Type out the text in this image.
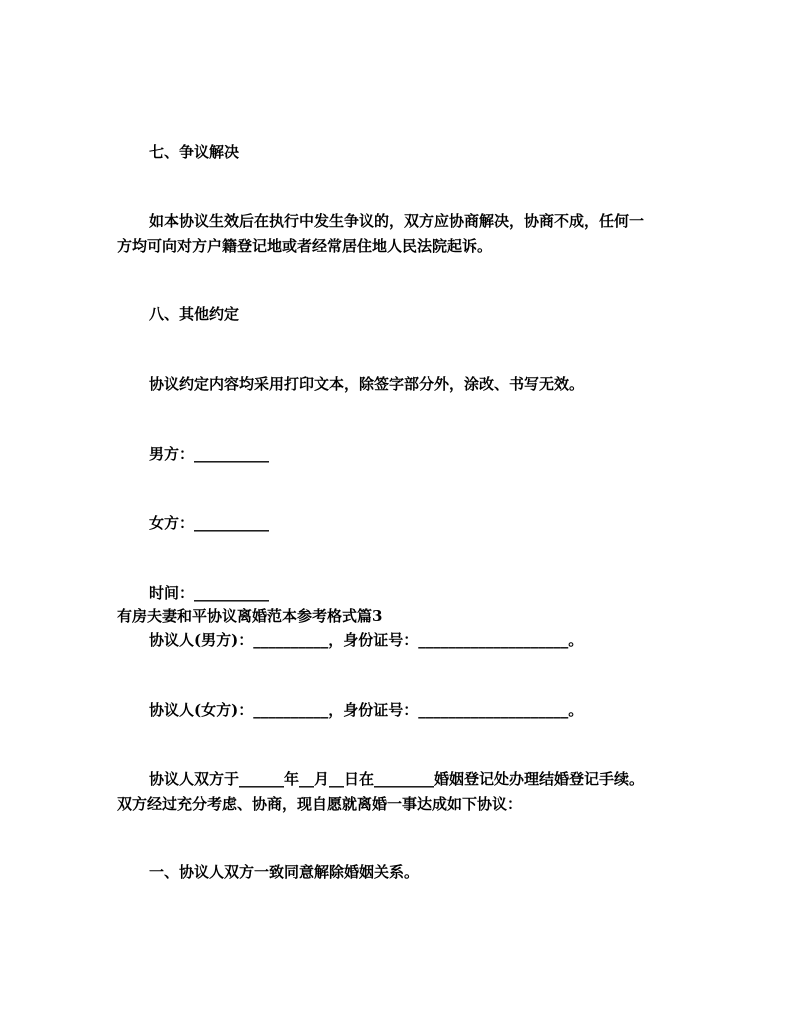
七、争议解决
如本协议生效后在执行中发生争议的，双方应协商解决，协商不成，任何一
方均可向对方户籍登记地或者经常居住地人民法院起诉。
八、其他约定
协议约定内容均采用打印文本，除签字部分外，涂改、书写无效。
男方：__________
女方：__________
时间：__________
有房夫妻和平协议离婚范本参考格式篇3
协议人(男方)：__________，身份证号：____________________。
协议人(女方)：__________，身份证号：____________________。
协议人双方于______年__月__日在________婚姻登记处办理结婚登记手续。
双方经过充分考虑、协商，现自愿就离婚一事达成如下协议：
一、协议人双方一致同意解除婚姻关系。
